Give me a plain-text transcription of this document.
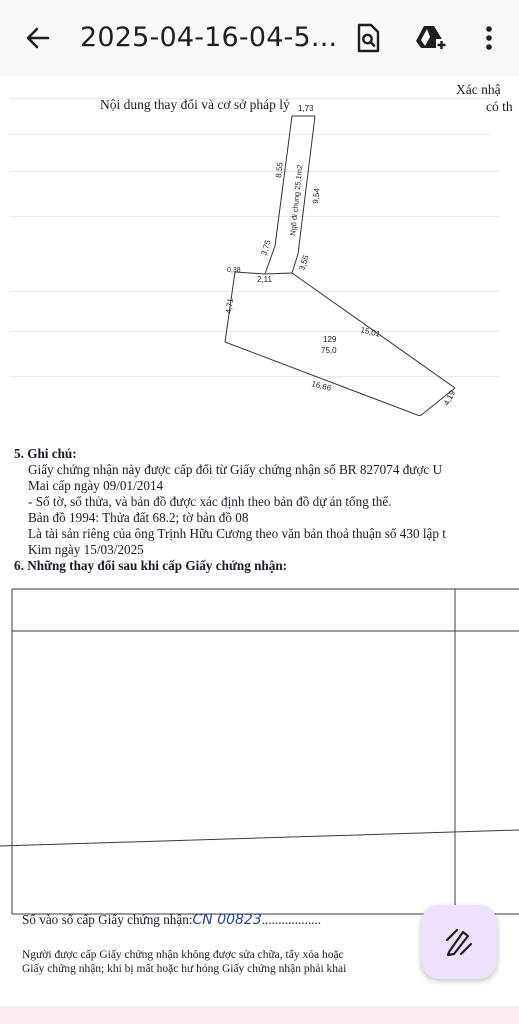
2025-04-16-04-5...
1,73
8,55
9,54
Ngõ đi chung 25,1m2
3,75
3,55
0,38
2,11
4,71
15,01
129
75,0
16,66
4,19
5. Ghi chú:
Giấy chứng nhận này được cấp đổi từ Giấy chứng nhận số BR 827074 được U
Mai cấp ngày 09/01/2014
- Số tờ, số thửa, và bản đồ được xác định theo bản đồ dự án tổng thể.
Bản đồ 1994: Thửa đất 68.2; tờ bản đồ 08
Là tài sản riêng của ông Trịnh Hữu Cương theo văn bản thoả thuận số 430 lập t
Kim ngày 15/03/2025
6. Những thay đổi sau khi cấp Giấy chứng nhận:
Nội dung thay đổi và cơ sở pháp lý
Xác nhậ
có th
Số vào sổ cấp Giấy chứng nhận:CN 00823..................
Người được cấp Giấy chứng nhận không được sửa chữa, tẩy xóa hoặc
Giấy chứng nhận; khi bị mất hoặc hư hỏng Giấy chứng nhận phải khai
